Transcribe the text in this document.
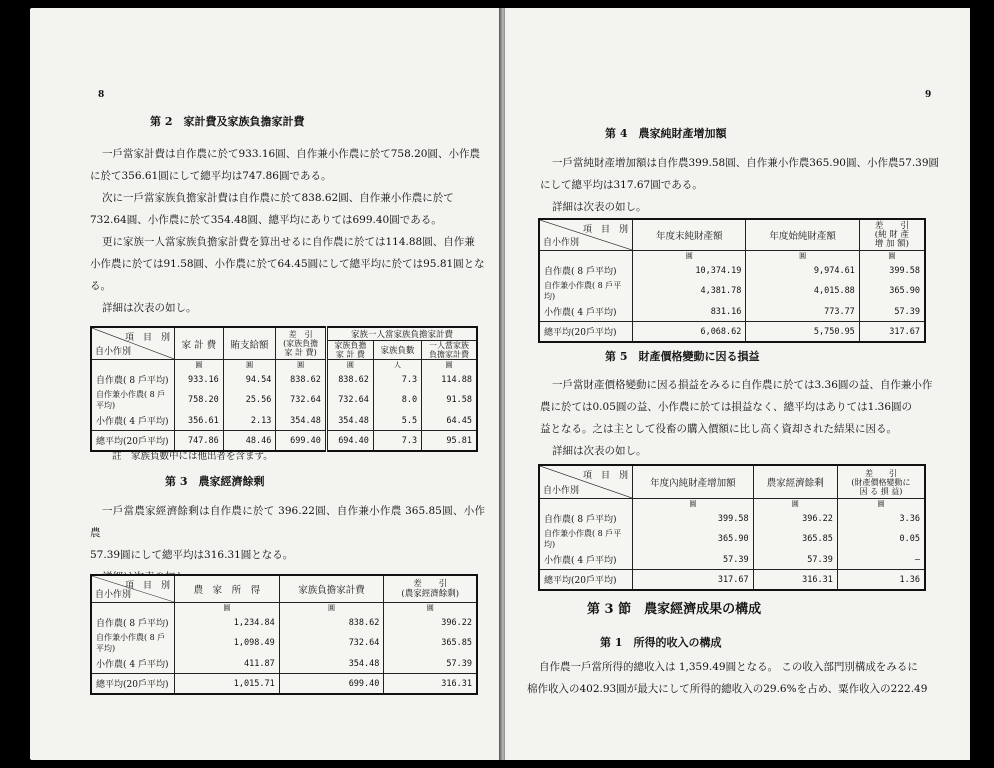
8
第 2　家計費及家族負擔家計費
一戶當家計費は自作農に於て933.16圓、自作兼小作農に於て758.20圓、小作農
に於て356.61圓にして總平均は747.86圓である。
次に一戶當家族負擔家計費は自作農に於て838.62圓、自作兼小作農に於て
732.64圓、小作農に於て354.48圓、總平均にありては699.40圓である。
更に家族一人當家族負擔家計費を算出せるに自作農に於ては114.88圓、自作兼
小作農に於ては91.58圓、小作農に於て64.45圓にして總平均に於ては95.81圓とな
る。
詳細は次表の如し。
項　目　別
自小作別	家 計 費	賄支給額	差　引
(家族負擔
家 計 費)	家族一人當家族負擔家計費		
				家族負擔
家 計 費	家族負數	一人當家族
負擔家計費
	圓	圓	圓	圓	人	圓
自作農( 8 戶平均)	933.16	94.54	838.62	838.62	7.3	114.88
自作兼小作農( 8 戶平均)	758.20	25.56	732.64	732.64	8.0	91.58
小作農( 4 戶平均)	356.61	2.13	354.48	354.48	5.5	64.45
總平均(20戶平均)	747.86	48.46	699.40	694.40	7.3	95.81
註　家族負數中には他出者を含まず。
第 3　農家經濟餘剩
一戶當農家經濟餘剩は自作農に於て 396.22圓、自作兼小作農 365.85圓、小作農
57.39圓にして總平均は316.31圓となる。
項　目　別
自小作別	農　家　所　得	家族負擔家計費	差　　引
(農家經濟餘剩)
	圓	圓	圓
自作農( 8 戶平均)	1,234.84	838.62	396.22
自作兼小作農( 8 戶平均)	1,098.49	732.64	365.85
小作農( 4 戶平均)	411.87	354.48	57.39
總平均(20戶平均)	1,015.71	699.40	316.31
9
第 4　農家純財產增加額
一戶當純財產增加額は自作農399.58圓、自作兼小作農365.90圓、小作農57.39圓
にして總平均は317.67圓である。
詳細は次表の如し。
項　目　別
自小作別	年度末純財產額	年度始純財產額	差　　引
(純 財 產
增 加 額)
	圓	圓	圓
自作農( 8 戶平均)	10,374.19	9,974.61	399.58
自作兼小作農( 8 戶平均)	4,381.78	4,015.88	365.90
小作農( 4 戶平均)	831.16	773.77	57.39
總平均(20戶平均)	6,068.62	5,750.95	317.67
第 5　財產價格變動に因る損益
一戶當財產價格變動に因る損益をみるに自作農に於ては3.36圓の益、自作兼小作
農に於ては0.05圓の益、小作農に於ては損益なく、總平均はありては1.36圓の
益となる。之は主として役畜の購入價額に比し高く資却された結果に因る。
詳細は次表の如し。
項　目　別
自小作別	年度內純財產增加額	農家經濟餘剩	差　　引
(財產價格變動に
因 る 損 益)
	圓	圓	圓
自作農( 8 戶平均)	399.58	396.22	3.36
自作兼小作農( 8 戶平均)	365.90	365.85	0.05
小作農( 4 戶平均)	57.39	57.39	—
總平均(20戶平均)	317.67	316.31	1.36
第 3 節　農家經濟成果の構成
第 1　所得的收入の構成
自作農一戶當所得的總收入は 1,359.49圓となる。 この收入部門別構成をみるに
棉作收入の402.93圓が最大にして所得的總收入の29.6%を占め、粟作收入の222.49
